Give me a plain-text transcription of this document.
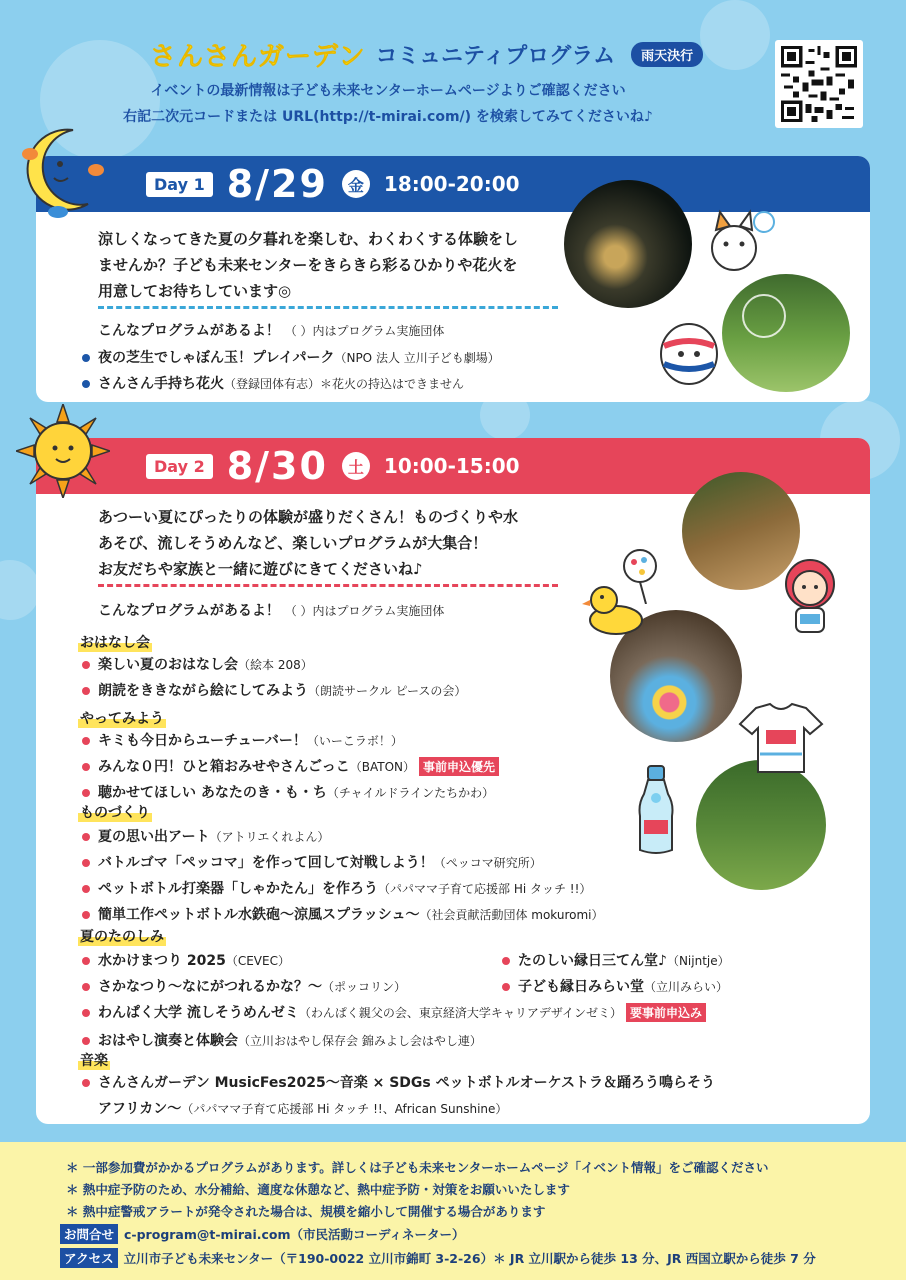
さんさんガーデン コミュニティプログラム	雨天決行
イベントの最新情報は子ども未来センターホームページよりご確認ください
右記二次元コードまたは URL(http://t-mirai.com/) を検索してみてくださいね♪
Day 1 8/29	金	18:00-20:00
涼しくなってきた夏の夕暮れを楽しむ、わくわくする体験をし
ませんか？子ども未来センターをきらきら彩るひかりや花火を
用意してお待ちしています◎
こんなプログラムがあるよ！ （ ）内はプログラム実施団体
夜の芝生でしゃぼん玉！プレイパーク（NPO 法人 立川子ども劇場）
さんさん手持ち花火（登録団体有志）＊花火の持込はできません
Day 2 8/30	土	10:00-15:00
あつーい夏にぴったりの体験が盛りだくさん！ものづくりや水
あそび、流しそうめんなど、楽しいプログラムが大集合！
お友だちや家族と一緒に遊びにきてくださいね♪
こんなプログラムがあるよ！ （ ）内はプログラム実施団体
おはなし会
楽しい夏のおはなし会（絵本 208）
朗読をききながら絵にしてみよう（朗読サークル ピースの会）
やってみよう
キミも今日からユーチューバー！（いーこラボ！）
みんな０円！ひと箱おみせやさんごっこ（BATON） 事前申込優先
聴かせてほしい あなたのき・も・ち（チャイルドラインたちかわ）
ものづくり
夏の思い出アート（アトリエくれよん）
バトルゴマ「ペッコマ」を作って回して対戦しよう！（ペッコマ研究所）
ペットボトル打楽器「しゃかたん」を作ろう（パパママ子育て応援部 Hi タッチ !!）
簡単工作ペットボトル水鉄砲～涼風スプラッシュ～（社会貢献活動団体 mokuromi）
夏のたのしみ
水かけまつり 2025（CEVEC）	たのしい縁日三てん堂♪（Nijntje）
さかなつり～なにがつれるかな？～（ポッコリン）	子ども縁日みらい堂（立川みらい）
わんぱく大学 流しそうめんゼミ（わんぱく親父の会、東京経済大学キャリアデザインゼミ） 要事前申込み
おはやし演奏と体験会（立川おはやし保存会 錦みよし会はやし連）
音楽
さんさんガーデン MusicFes2025～音楽 × SDGs ペットボトルオーケストラ＆踊ろう鳴らそう
アフリカン～（パパママ子育て応援部 Hi タッチ !!、African Sunshine）
＊ 一部参加費がかかるプログラムがあります。詳しくは子ども未来センターホームページ「イベント情報」をご確認ください
＊ 熱中症予防のため、水分補給、適度な休憩など、熱中症予防・対策をお願いいたします
＊ 熱中症警戒アラートが発令された場合は、規模を縮小して開催する場合があります
お問合せ c-program@t-mirai.com（市民活動コーディネーター）
アクセス 立川市子ども未来センター（〒190-0022 立川市錦町 3-2-26）＊ JR 立川駅から徒歩 13 分、JR 西国立駅から徒歩 7 分
